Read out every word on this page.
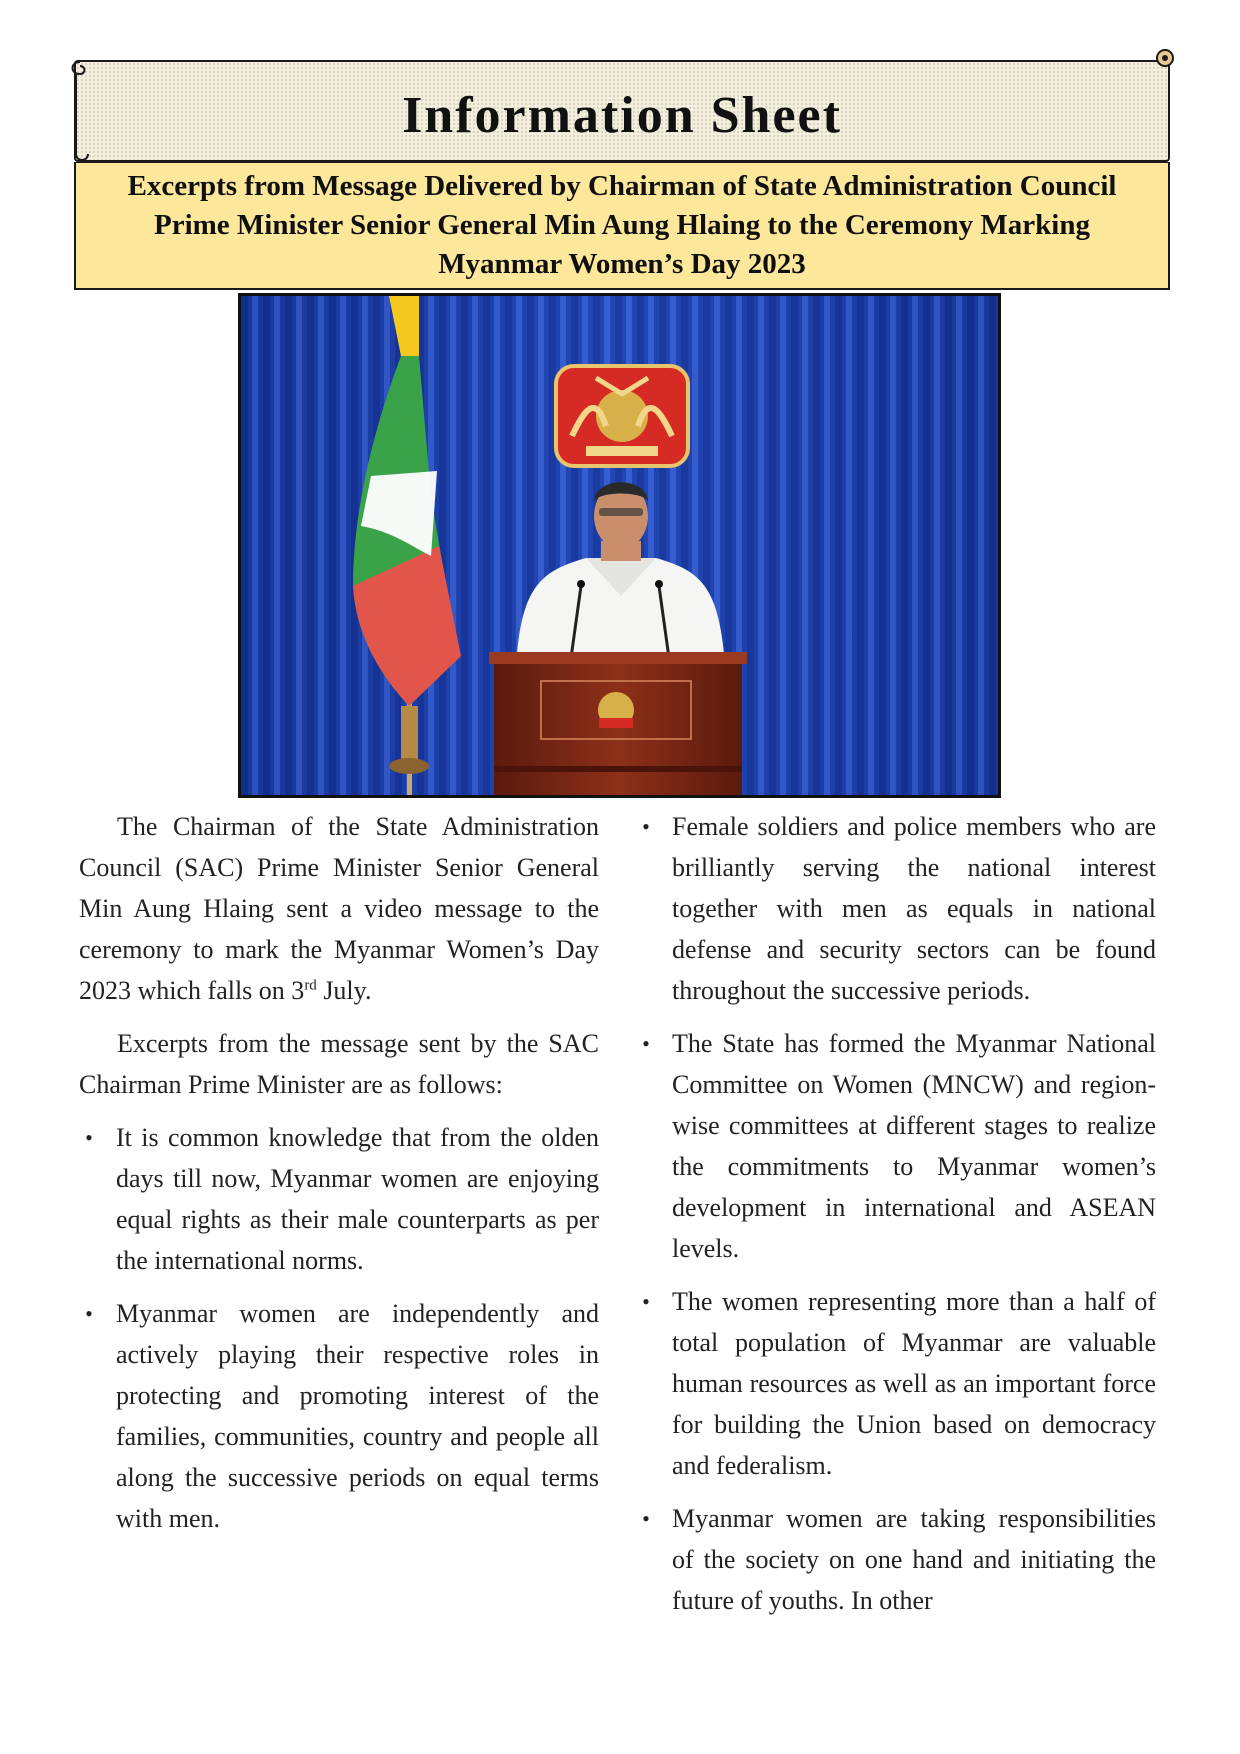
Information Sheet

Excerpts from Message Delivered by Chairman of State Administration Council Prime Minister Senior General Min Aung Hlaing to the Ceremony Marking Myanmar Women’s Day 2023

The Chairman of the State Administration Council (SAC) Prime Minister Senior General Min Aung Hlaing sent a video message to the ceremony to mark the Myanmar Women’s Day 2023 which falls on 3rd July.

Excerpts from the message sent by the SAC Chairman Prime Minister are as follows:

• It is common knowledge that from the olden days till now, Myanmar women are enjoying equal rights as their male counterparts as per the international norms.
• Myanmar women are independently and actively playing their respective roles in protecting and promoting interest of the families, communities, country and people all along the successive periods on equal terms with men.
• Female soldiers and police members who are brilliantly serving the national interest together with men as equals in national defense and security sectors can be found throughout the successive periods.
• The State has formed the Myanmar National Committee on Women (MNCW) and region-wise committees at different stages to realize the commitments to Myanmar women’s development in international and ASEAN levels.
• The women representing more than a half of total population of Myanmar are valuable human resources as well as an important force for building the Union based on democracy and federalism.
• Myanmar women are taking responsibilities of the society on one hand and initiating the future of youths. In other
